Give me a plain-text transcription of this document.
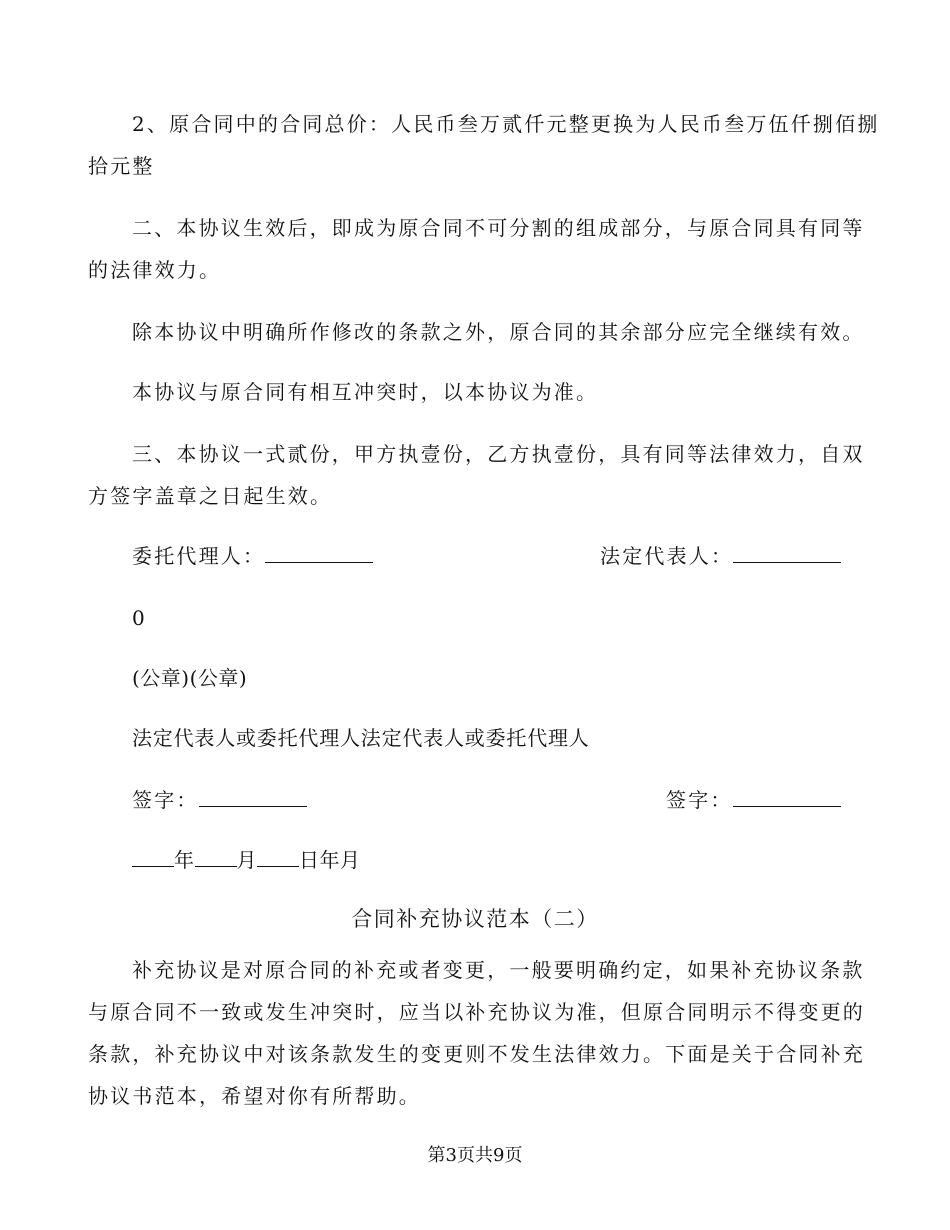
2、原合同中的合同总价：人民币叁万贰仟元整更换为人民币叁万伍仟捌佰捌
拾元整
二、本协议生效后，即成为原合同不可分割的组成部分，与原合同具有同等
的法律效力。
除本协议中明确所作修改的条款之外，原合同的其余部分应完全继续有效。
本协议与原合同有相互冲突时，以本协议为准。
三、本协议一式贰份，甲方执壹份，乙方执壹份，具有同等法律效力，自双
方签字盖章之日起生效。
委托代理人：	法定代表人：
0
(公章)(公章)
法定代表人或委托代理人法定代表人或委托代理人
签字：	签字：
年 月 日年月
合同补充协议范本（二）
补充协议是对原合同的补充或者变更，一般要明确约定，如果补充协议条款
与原合同不一致或发生冲突时，应当以补充协议为准，但原合同明示不得变更的
条款，补充协议中对该条款发生的变更则不发生法律效力。下面是关于合同补充
协议书范本，希望对你有所帮助。
第3页共9页
